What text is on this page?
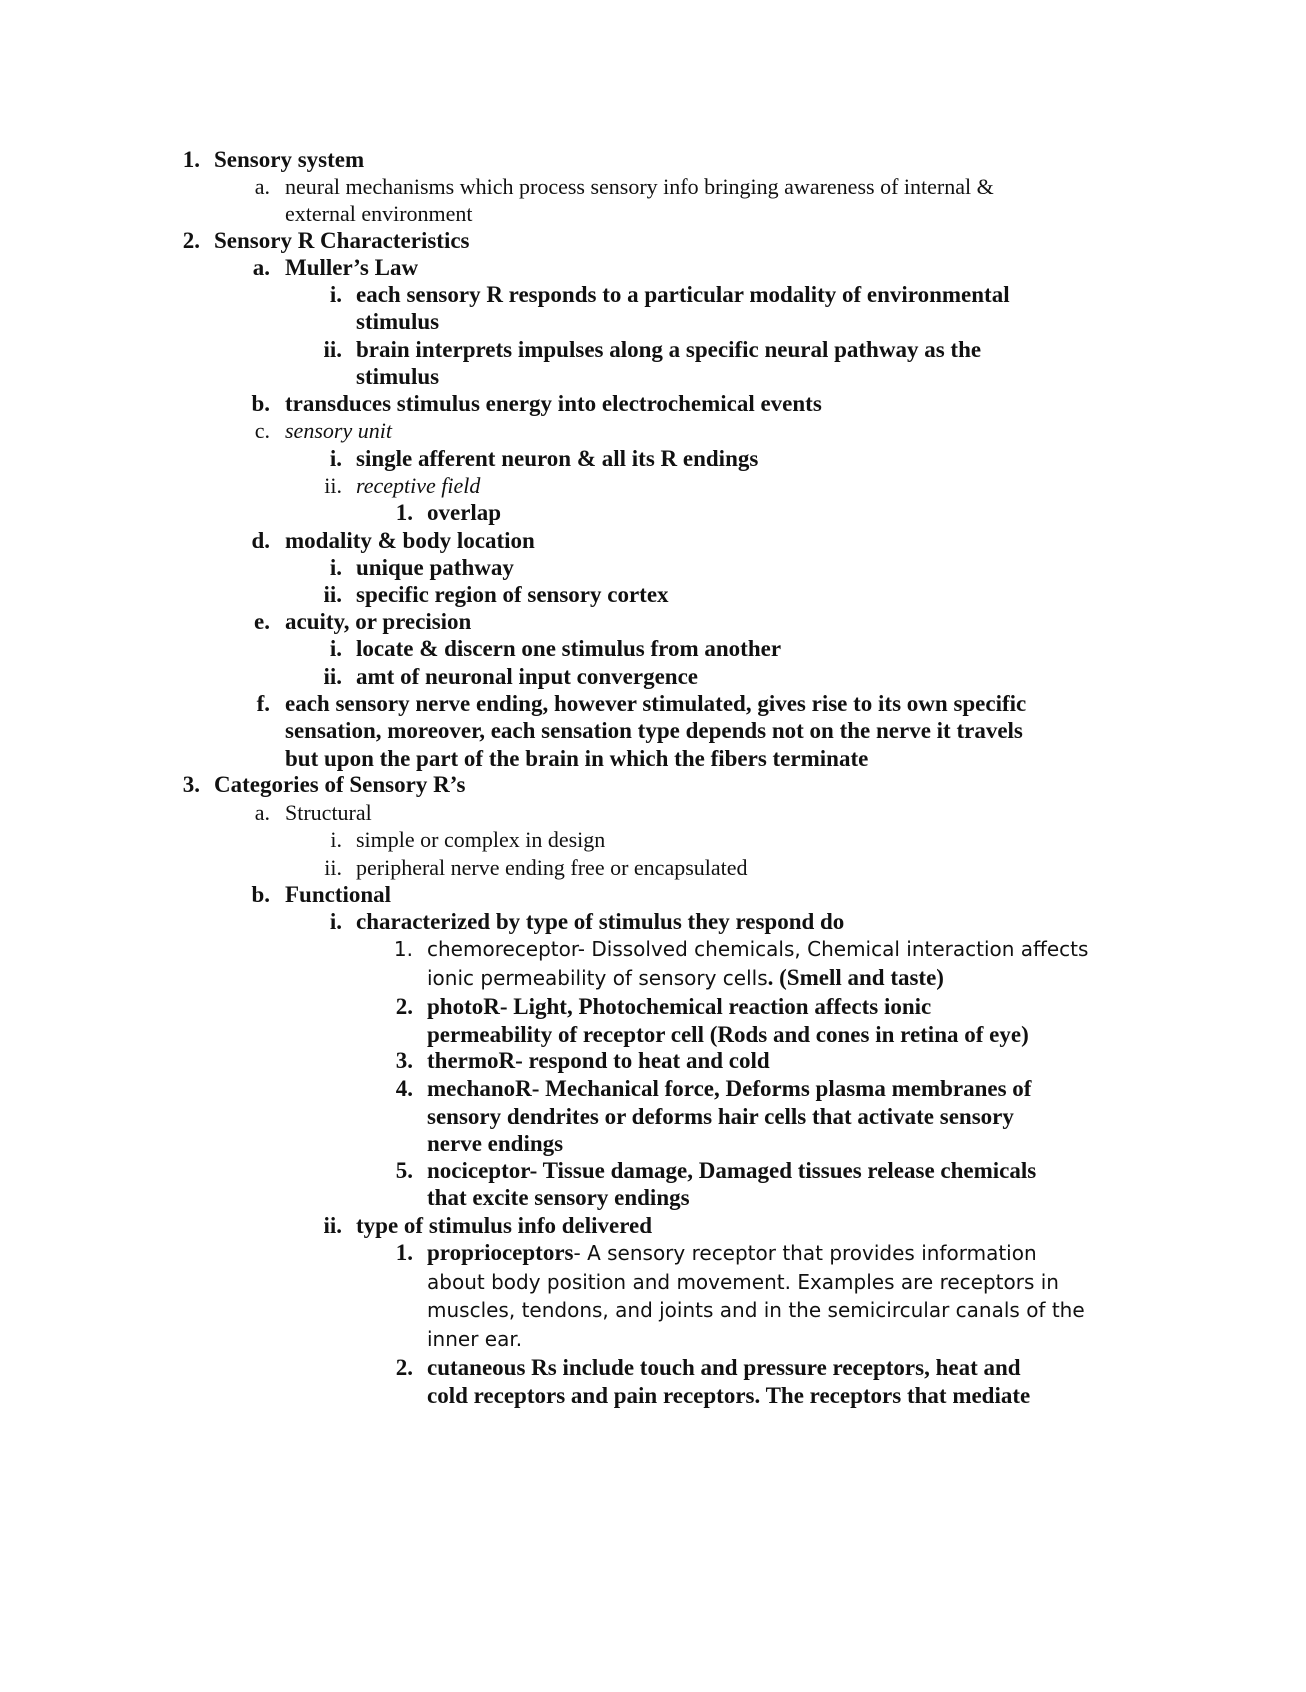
1. Sensory system
a. neural mechanisms which process sensory info bringing awareness of internal &
external environment
2. Sensory R Characteristics
a. Muller’s Law
i. each sensory R responds to a particular modality of environmental
stimulus
ii. brain interprets impulses along a specific neural pathway as the
stimulus
b. transduces stimulus energy into electrochemical events
c. sensory unit
i. single afferent neuron & all its R endings
ii. receptive field
1. overlap
d. modality & body location
i. unique pathway
ii. specific region of sensory cortex
e. acuity, or precision
i. locate & discern one stimulus from another
ii. amt of neuronal input convergence
f. each sensory nerve ending, however stimulated, gives rise to its own specific
sensation, moreover, each sensation type depends not on the nerve it travels
but upon the part of the brain in which the fibers terminate
3. Categories of Sensory R’s
a. Structural
i. simple or complex in design
ii. peripheral nerve ending free or encapsulated
b. Functional
i. characterized by type of stimulus they respond do
1. chemoreceptor- Dissolved chemicals, Chemical interaction affects
ionic permeability of sensory cells. (Smell and taste)
2. photoR- Light, Photochemical reaction affects ionic
permeability of receptor cell (Rods and cones in retina of eye)
3. thermoR- respond to heat and cold
4. mechanoR- Mechanical force, Deforms plasma membranes of
sensory dendrites or deforms hair cells that activate sensory
nerve endings
5. nociceptor- Tissue damage, Damaged tissues release chemicals
that excite sensory endings
ii. type of stimulus info delivered
1. proprioceptors- A sensory receptor that provides information
about body position and movement. Examples are receptors in
muscles, tendons, and joints and in the semicircular canals of the
inner ear.
2. cutaneous Rs include touch and pressure receptors, heat and
cold receptors and pain receptors. The receptors that mediate
